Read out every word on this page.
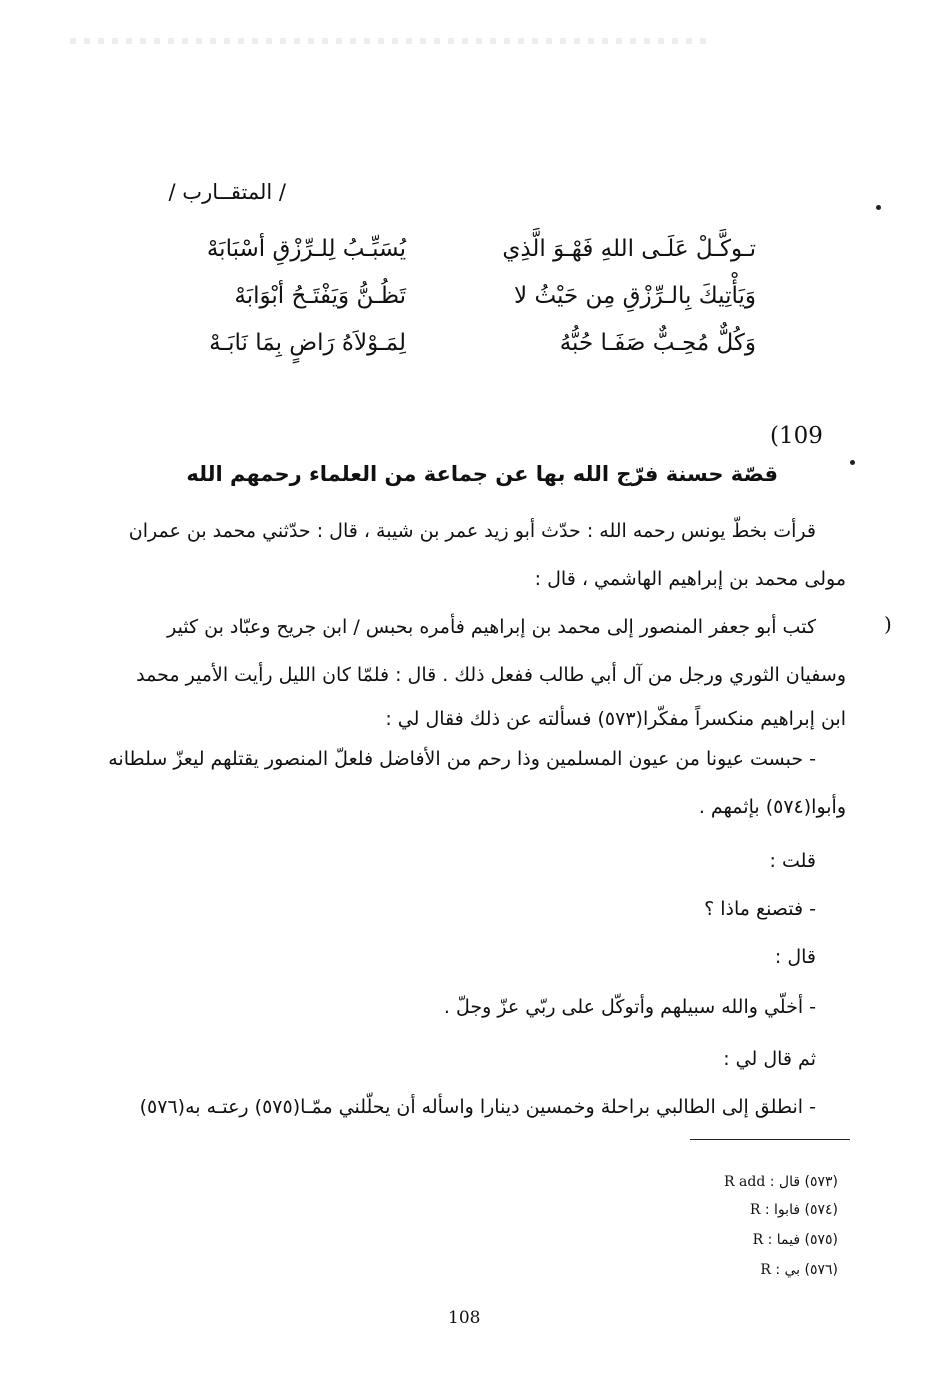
/ المتقــارب /
تـوكَّـلْ عَلَـى اللهِ فَهْـوَ الَّذِي
يُسَبِّـبُ لِلـرِّزْقِ أسْبَابَهْ
وَيَأْتِيكَ بِالـرِّزْقِ مِن حَيْثُ لا
تَظُـنُّ وَيَفْتَـحُ أبْوَابَهْ
وَكُلٌّ مُحِـبٌّ صَفَـا حُبُّهُ
لِمَـوْلاَهُ رَاضٍ بِمَا نَابَـهْ
(109
قصّة حسنة فرّج الله بها عن جماعة من العلماء رحمهم الله
قرأت بخطّ يونس رحمه الله : حدّث أبو زيد عمر بن شيبة ، قال : حدّثني محمد بن عمران
مولى محمد بن إبراهيم الهاشمي ، قال :
)
كتب أبو جعفر المنصور إلى محمد بن إبراهيم فأمره بحبس / ابن جريح وعبّاد بن كثير
وسفيان الثوري ورجل من آل أبي طالب ففعل ذلك . قال : فلمّا كان الليل رأيت الأمير محمد
ابن إبراهيم منكسراً مفكّرا(٥٧٣) فسألته عن ذلك فقال لي :
- حبست عيونا من عيون المسلمين وذا رحم من الأفاضل فلعلّ المنصور يقتلهم ليعزّ سلطانه
وأبوا(٥٧٤) بإثمهم .
قلت :
- فتصنع ماذا ؟
قال :
- أخلّي والله سبيلهم وأتوكّل على ربّي عزّ وجلّ .
ثم قال لي :
- انطلق إلى الطالبي براحلة وخمسين دينارا واسأله أن يحلّلني ممّـا(٥٧٥) رعتـه به(٥٧٦)
(٥٧٣) قال : R add
(٥٧٤) فابوا : R
(٥٧٥) فيما : R
(٥٧٦) بي : R
108
